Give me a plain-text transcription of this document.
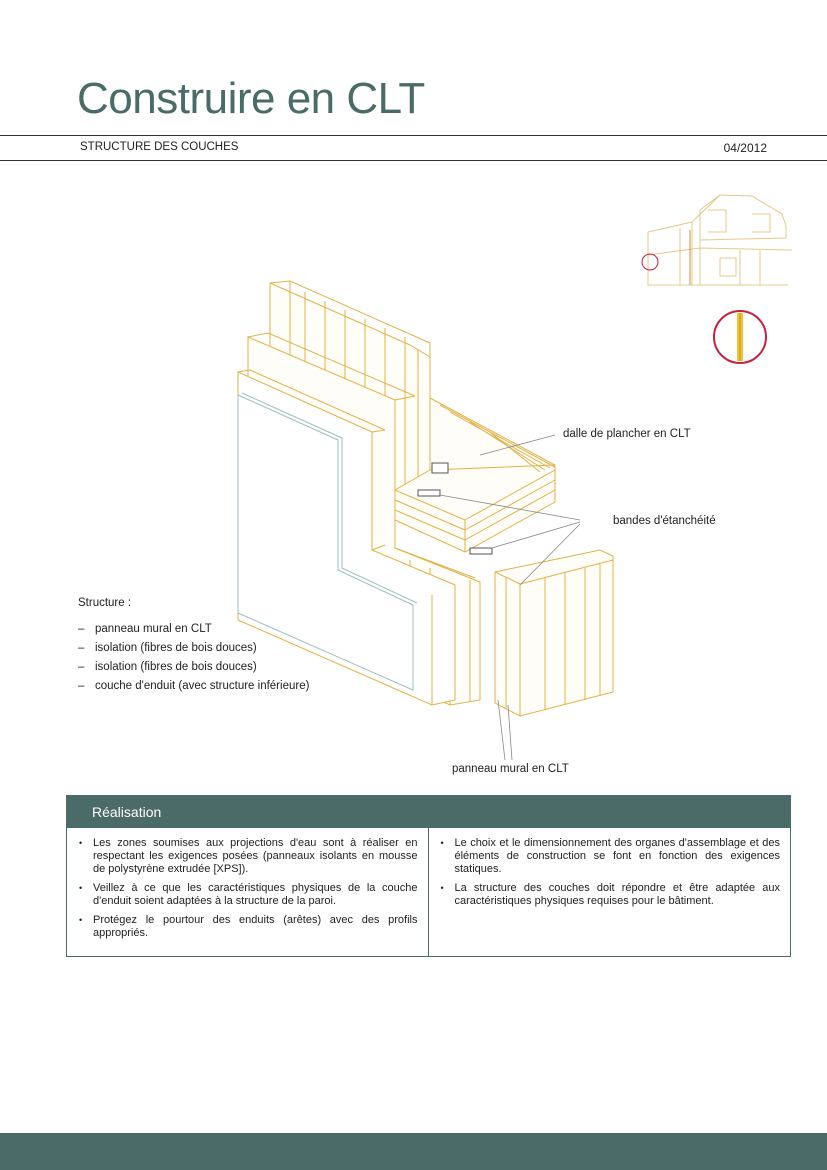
Construire en CLT
STRUCTURE DES COUCHES	04/2012
dalle de plancher en CLT
bandes d'étanchéité
panneau mural en CLT
Structure :
– panneau mural en CLT
– isolation (fibres de bois douces)
– isolation (fibres de bois douces)
– couche d'enduit (avec structure inférieure)
Réalisation
• Les zones soumises aux projections d'eau sont à réaliser en respectant les exigences posées (panneaux isolants en mousse de polystyrène extrudée [XPS]).
• Veillez à ce que les caractéristiques physiques de la couche d'enduit soient adaptées à la structure de la paroi.
• Protégez le pourtour des enduits (arêtes) avec des profils appropriés.
• Le choix et le dimensionnement des organes d'assemblage et des éléments de construction se font en fonction des exigences statiques.
• La structure des couches doit répondre et être adaptée aux caractéristiques physiques requises pour le bâtiment.
